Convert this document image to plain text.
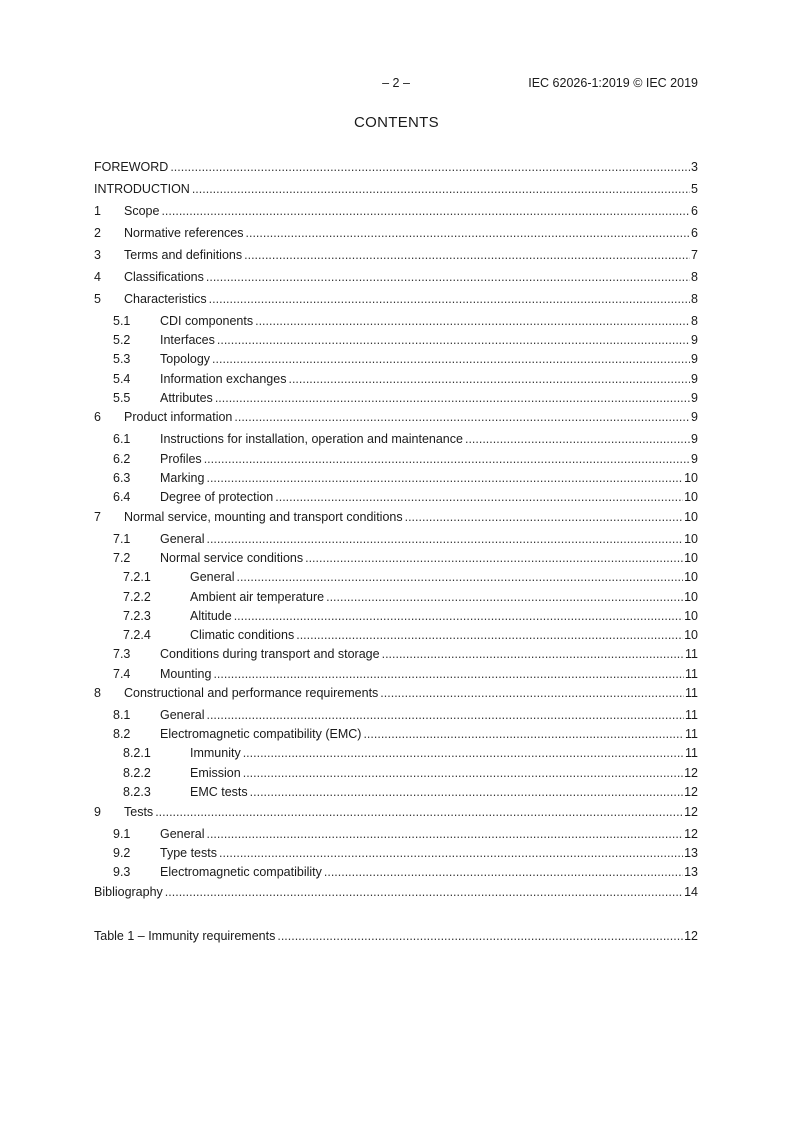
– 2 –	IEC 62026-1:2019 © IEC 2019
CONTENTS
FOREWORD .....	3
INTRODUCTION .....	5
1	Scope .....	6
2	Normative references .....	6
3	Terms and definitions .....	7
4	Classifications .....	8
5	Characteristics .....	8
5.1	CDI components .....	8
5.2	Interfaces .....	9
5.3	Topology .....	9
5.4	Information exchanges .....	9
5.5	Attributes .....	9
6	Product information .....	9
6.1	Instructions for installation, operation and maintenance .....	9
6.2	Profiles .....	9
6.3	Marking .....	10
6.4	Degree of protection .....	10
7	Normal service, mounting and transport conditions .....	10
7.1	General .....	10
7.2	Normal service conditions .....	10
7.2.1	General .....	10
7.2.2	Ambient air temperature .....	10
7.2.3	Altitude .....	10
7.2.4	Climatic conditions .....	10
7.3	Conditions during transport and storage .....	11
7.4	Mounting .....	11
8	Constructional and performance requirements .....	11
8.1	General .....	11
8.2	Electromagnetic compatibility (EMC) .....	11
8.2.1	Immunity .....	11
8.2.2	Emission .....	12
8.2.3	EMC tests .....	12
9	Tests .....	12
9.1	General .....	12
9.2	Type tests .....	13
9.3	Electromagnetic compatibility .....	13
Bibliography .....	14
Table 1 – Immunity requirements .....	12
